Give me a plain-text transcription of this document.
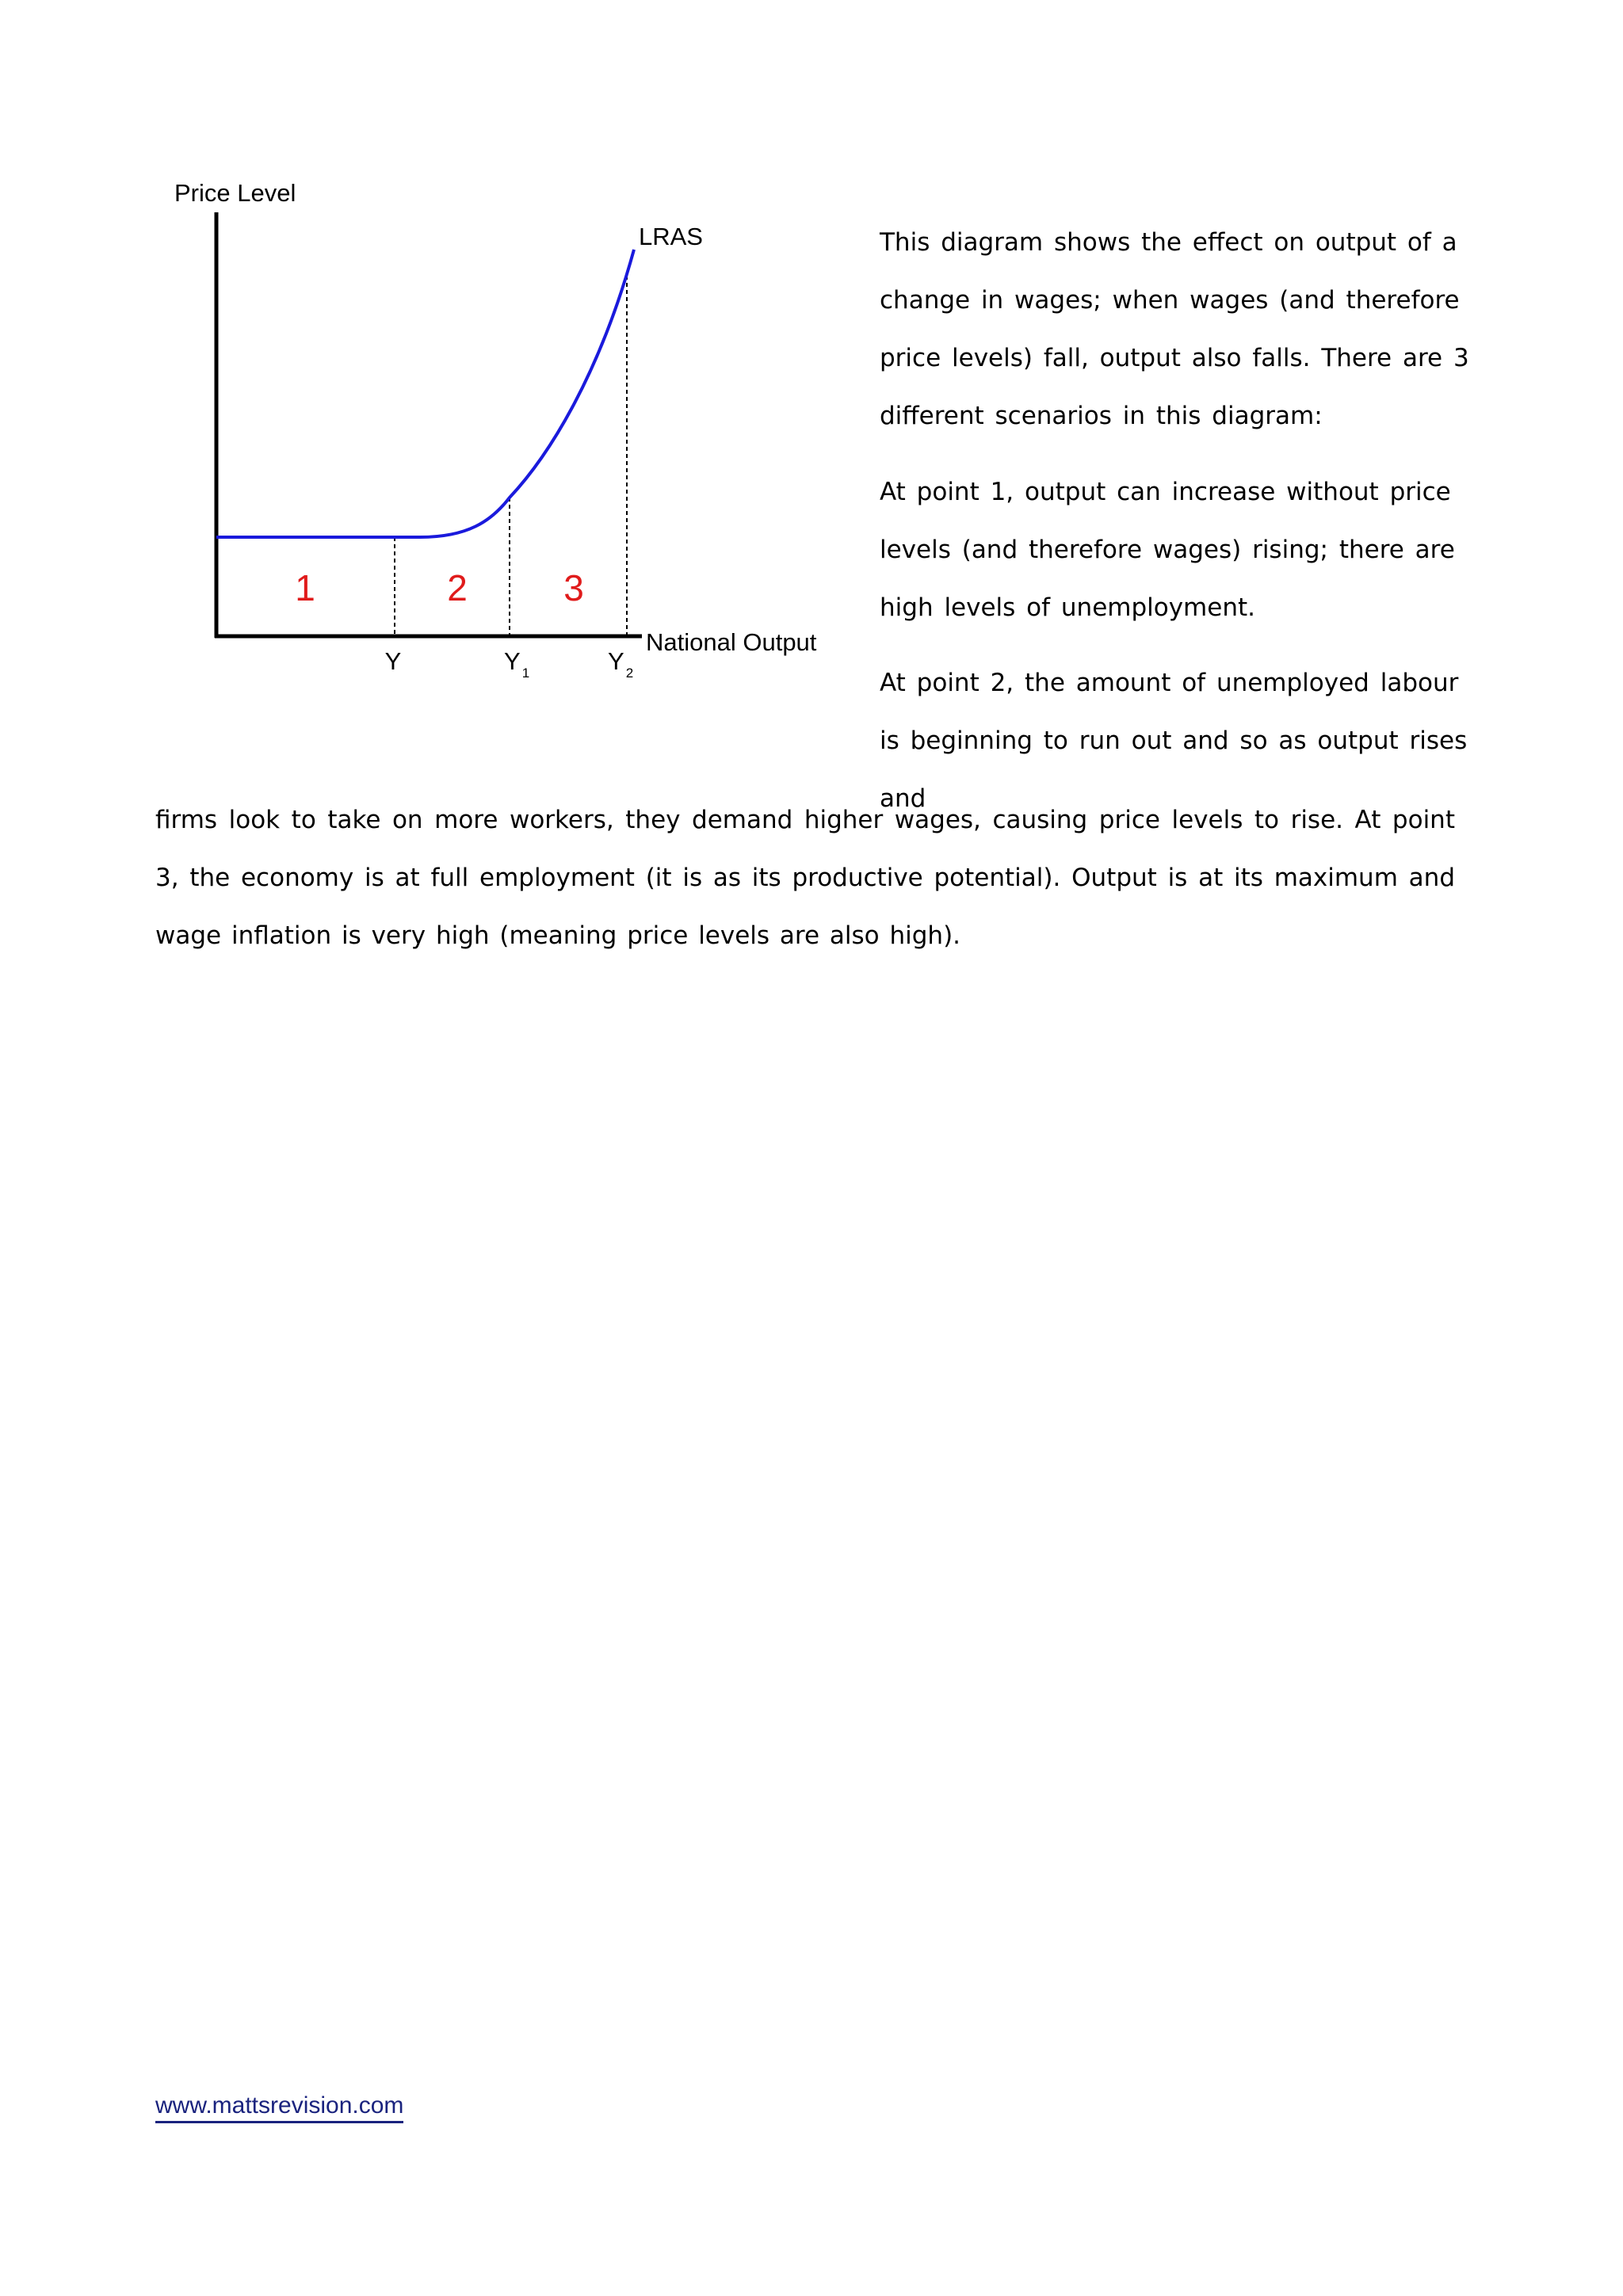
Price Level
National Output
LRAS
1	2	3
Y	Y $_1$	Y $_2$

This diagram shows the effect on output of a change in wages; when wages (and therefore price levels) fall, output also falls. There are 3 different scenarios in this diagram:

At point 1, output can increase without price levels (and therefore wages) rising; there are high levels of unemployment.

At point 2, the amount of unemployed labour is beginning to run out and so as output rises and

firms look to take on more workers, they demand higher wages, causing price levels to rise. At point 3, the economy is at full employment (it is as its productive potential). Output is at its maximum and wage inflation is very high (meaning price levels are also high).

www.mattsrevision.com
